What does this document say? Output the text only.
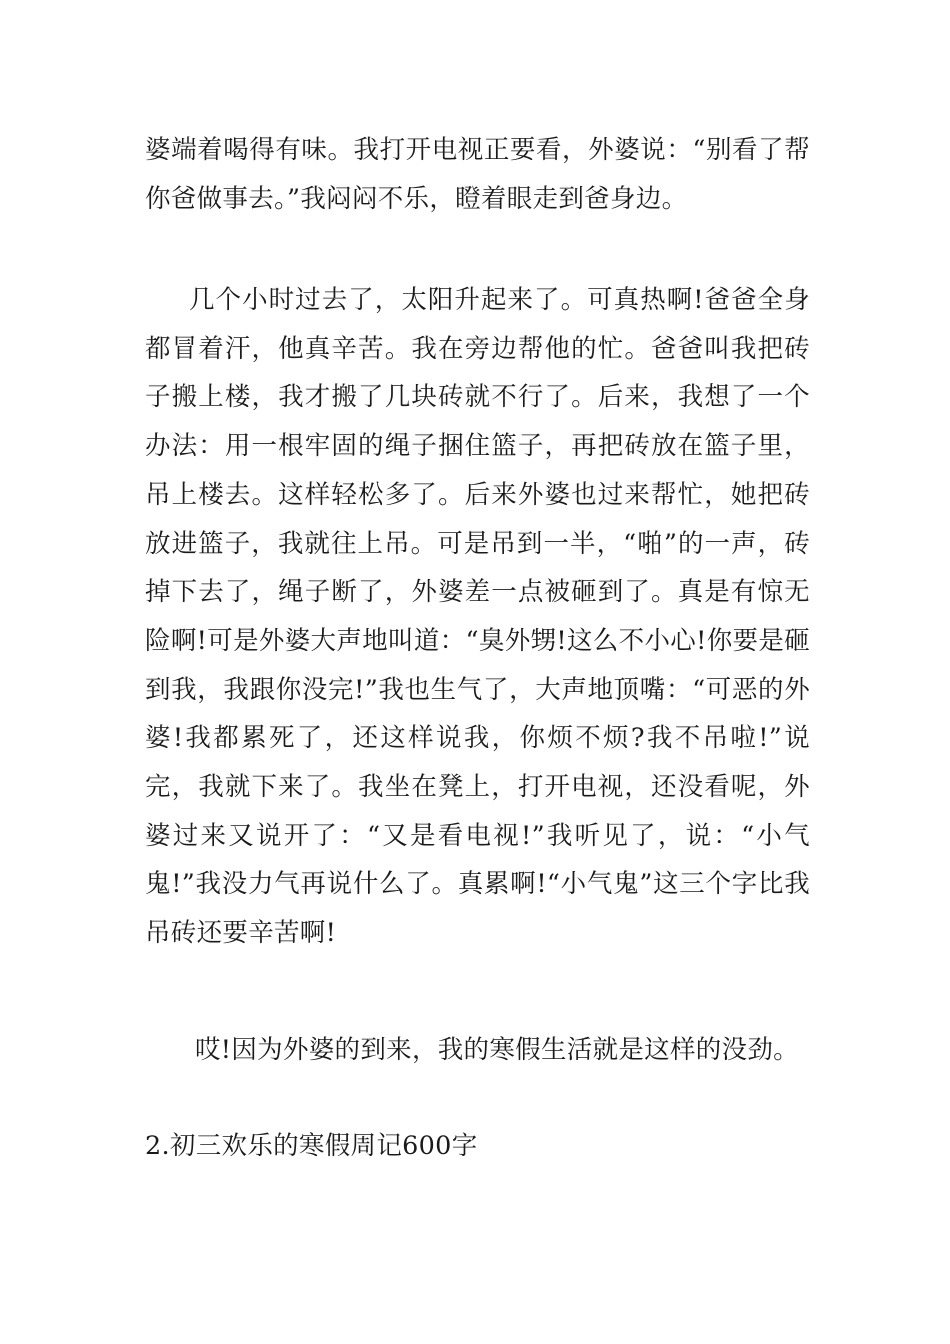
婆端着喝得有味。我打开电视正要看，外婆说：“别看了帮你爸做事去。”我闷闷不乐，瞪着眼走到爸身边。

几个小时过去了，太阳升起来了。可真热啊!爸爸全身都冒着汗，他真辛苦。我在旁边帮他的忙。爸爸叫我把砖子搬上楼，我才搬了几块砖就不行了。后来，我想了一个办法：用一根牢固的绳子捆住篮子，再把砖放在篮子里，吊上楼去。这样轻松多了。后来外婆也过来帮忙，她把砖放进篮子，我就往上吊。可是吊到一半，“啪”的一声，砖掉下去了，绳子断了，外婆差一点被砸到了。真是有惊无险啊!可是外婆大声地叫道：“臭外甥!这么不小心!你要是砸到我，我跟你没完!”我也生气了，大声地顶嘴：“可恶的外婆!我都累死了，还这样说我，你烦不烦?我不吊啦!”说完，我就下来了。我坐在凳上，打开电视，还没看呢，外婆过来又说开了：“又是看电视!”我听见了，说：“小气鬼!”我没力气再说什么了。真累啊!“小气鬼”这三个字比我吊砖还要辛苦啊!

哎!因为外婆的到来，我的寒假生活就是这样的没劲。

2.初三欢乐的寒假周记600字
